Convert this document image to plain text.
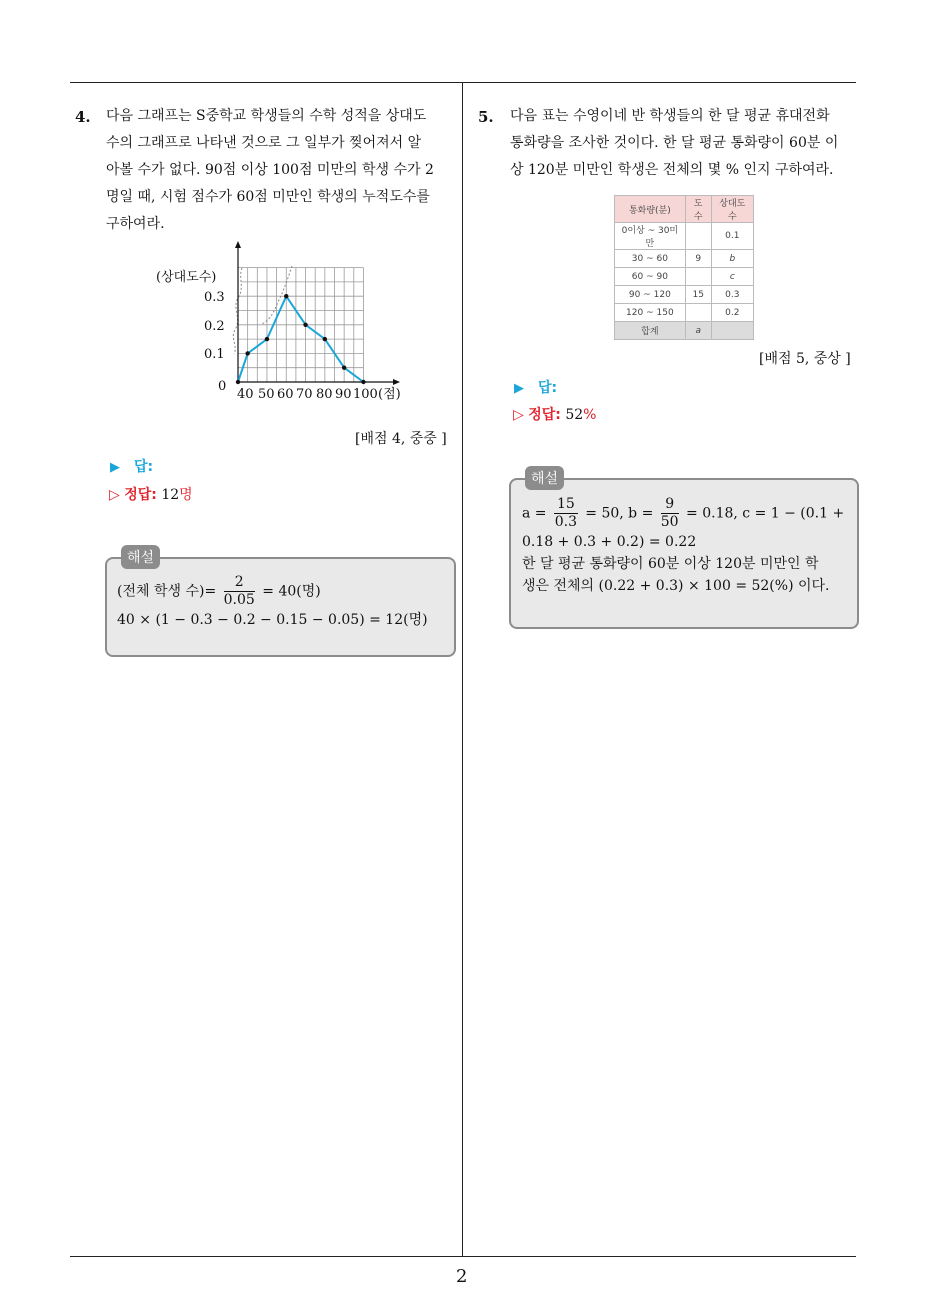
2
4. 다음 그래프는 S중학교 학생들의 수학 성적을 상대도
수의 그래프로 나타낸 것으로 그 일부가 찢어져서 알
아볼 수가 없다. 90점 이상 100점 미만의 학생 수가 2
명일 때, 시험 점수가 60점 미만인 학생의 누적도수를
구하여라.
(상대도수)
0.3
0.2
0.1
0
40 50 60 70 80 90 100 (점)
[배점 4, 중중 ]
▶ 답:
▷ 정답: 12명
해설
(전체 학생 수)= $\frac{2}{0.05} = 40$(명)
40 × (1 − 0.3 − 0.2 − 0.15 − 0.05) = 12(명)
5. 다음 표는 수영이네 반 학생들의 한 달 평균 휴대전화
통화량을 조사한 것이다. 한 달 평균 통화량이 60분 이
상 120분 미만인 학생은 전체의 몇 % 인지 구하여라.
통화량(분)	도수	상대도수
0이상 ~ 30미만		0.1
30 ~ 60	9	b
60 ~ 90		c
90 ~ 120	15	0.3
120 ~ 150		0.2
합계	a	
[배점 5, 중상 ]
▶ 답:
▷ 정답: 52%
해설
$a = \frac{15}{0.3} = 50$, $b = \frac{9}{50} = 0.18$, c = 1 − (0.1 +
0.18 + 0.3 + 0.2) = 0.22
한 달 평균 통화량이 60분 이상 120분 미만인 학
생은 전체의 (0.22 + 0.3) × 100 = 52(%) 이다.
